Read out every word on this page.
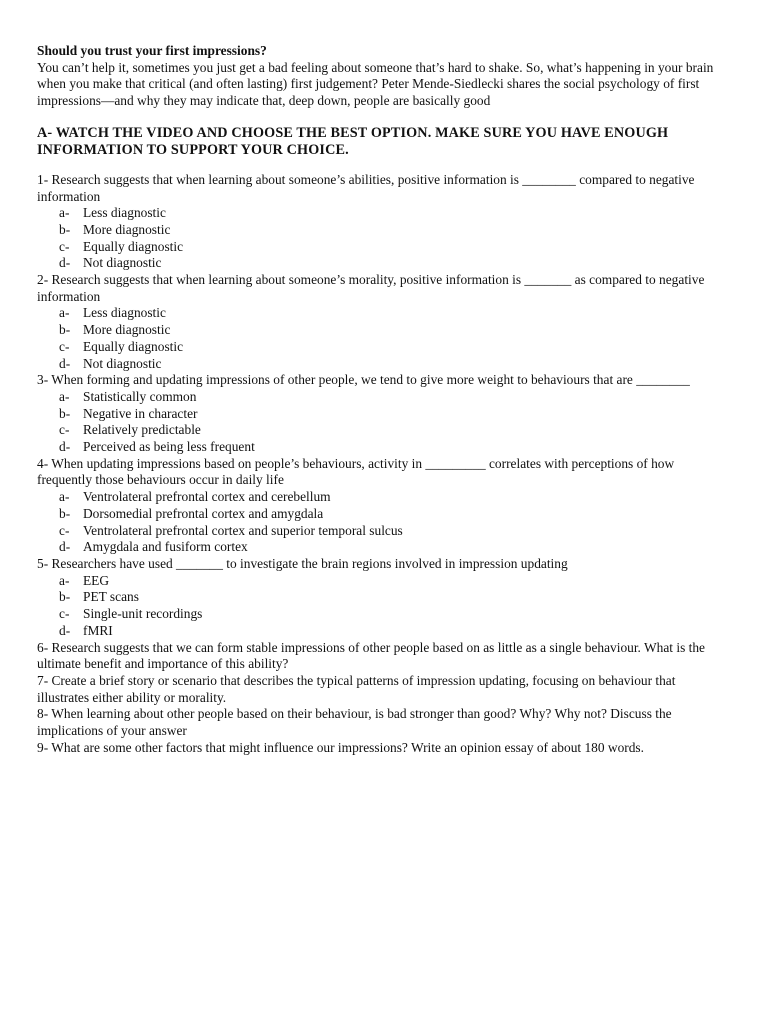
Should you trust your first impressions?

You can’t help it, sometimes you just get a bad feeling about someone that’s hard to shake. So, what’s happening in your brain when you make that critical (and often lasting) first judgement? Peter Mende-Siedlecki shares the social psychology of first impressions—and why they may indicate that, deep down, people are basically good

A- WATCH THE VIDEO AND CHOOSE THE BEST OPTION. MAKE SURE YOU HAVE ENOUGH INFORMATION TO SUPPORT YOUR CHOICE.

1- Research suggests that when learning about someone’s abilities, positive information is ________ compared to negative information

a-	Less diagnostic
b- More diagnostic
c-	Equally diagnostic
d- Not diagnostic

2- Research suggests that when learning about someone’s morality, positive information is _______ as compared to negative information

a-	Less diagnostic
b- More diagnostic
c-	Equally diagnostic
d- Not diagnostic

3- When forming and updating impressions of other people, we tend to give more weight to behaviours that are ________

a-	Statistically common
b- Negative in character
c-	Relatively predictable
d- Perceived as being less frequent

4- When updating impressions based on people’s behaviours, activity in _________ correlates with perceptions of how frequently those behaviours occur in daily life

a-	Ventrolateral prefrontal cortex and cerebellum
b- Dorsomedial prefrontal cortex and amygdala
c-	Ventrolateral prefrontal cortex and superior temporal sulcus
d- Amygdala and fusiform cortex

5- Researchers have used _______ to investigate the brain regions involved in impression updating

a-	EEG
b- PET scans
c-	Single-unit recordings
d- fMRI

6- Research suggests that we can form stable impressions of other people based on as little as a single behaviour. What is the ultimate benefit and importance of this ability?

7- Create a brief story or scenario that describes the typical patterns of impression updating, focusing on behaviour that illustrates either ability or morality.

8- When learning about other people based on their behaviour, is bad stronger than good? Why? Why not? Discuss the implications of your answer

9- What are some other factors that might influence our impressions? Write an opinion essay of about 180 words.
